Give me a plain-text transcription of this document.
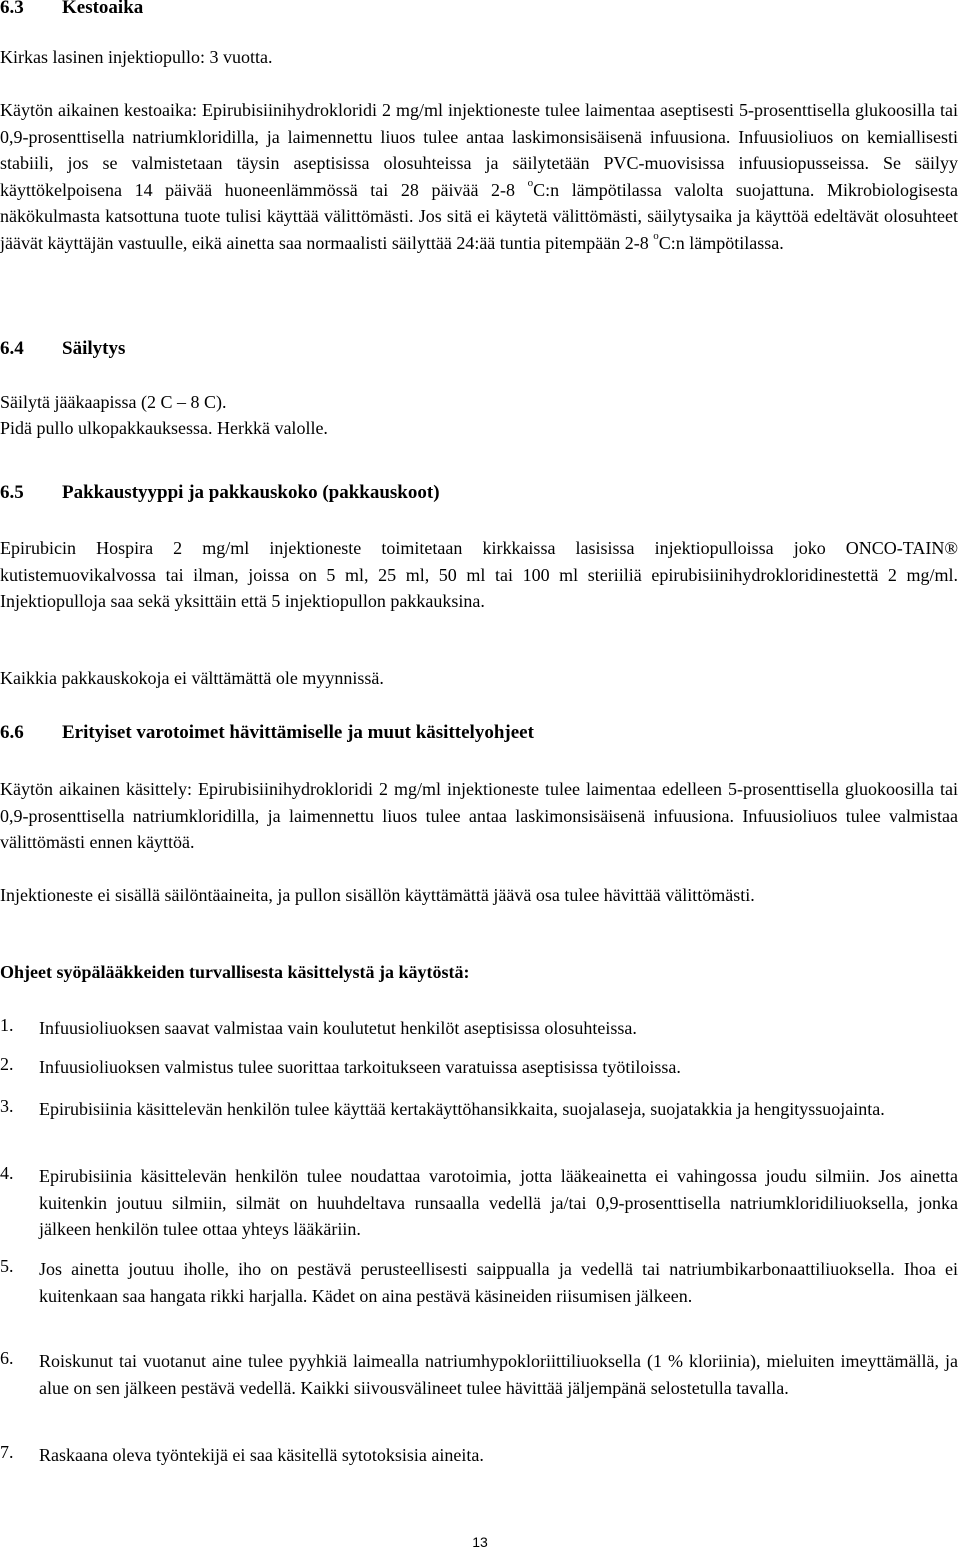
6.3 Kestoaika

Kirkas lasinen injektiopullo: 3 vuotta.

Käytön aikainen kestoaika: Epirubisiinihydrokloridi 2 mg/ml injektioneste tulee laimentaa aseptisesti 5-prosenttisella glukoosilla tai 0,9-prosenttisella natriumkloridilla, ja laimennettu liuos tulee antaa laskimonsisäisenä infuusiona. Infuusioliuos on kemiallisesti stabiili, jos se valmistetaan täysin aseptisissa olosuhteissa ja säilytetään PVC-muovisissa infuusiopusseissa. Se säilyy käyttökelpoisena 14 päivää huoneenlämmössä tai 28 päivää 2-8 $^o$C:n lämpötilassa valolta suojattuna. Mikrobiologisesta näkökulmasta katsottuna tuote tulisi käyttää välittömästi. Jos sitä ei käytetä välittömästi, säilytysaika ja käyttöä edeltävät olosuhteet jäävät käyttäjän vastuulle, eikä ainetta saa normaalisti säilyttää 24:ää tuntia pitempään 2-8 $^o$C:n lämpötilassa.

6.4 Säilytys

Säilytä jääkaapissa (2 C – 8 C).

Pidä pullo ulkopakkauksessa. Herkkä valolle.

6.5 Pakkaustyyppi ja pakkauskoko (pakkauskoot)

Epirubicin Hospira 2 mg/ml injektioneste toimitetaan kirkkaissa lasisissa injektiopulloissa joko ONCO-TAIN® kutistemuovikalvossa tai ilman, joissa on 5 ml, 25 ml, 50 ml tai 100 ml steriiliä epirubisiinihydrokloridinestettä 2 mg/ml. Injektiopulloja saa sekä yksittäin että 5 injektiopullon pakkauksina.

Kaikkia pakkauskokoja ei välttämättä ole myynnissä.

6.6 Erityiset varotoimet hävittämiselle ja muut käsittelyohjeet

Käytön aikainen käsittely: Epirubisiinihydrokloridi 2 mg/ml injektioneste tulee laimentaa edelleen 5-prosenttisella gluokoosilla tai 0,9-prosenttisella natriumkloridilla, ja laimennettu liuos tulee antaa laskimonsisäisenä infuusiona. Infuusioliuos tulee valmistaa välittömästi ennen käyttöä.

Injektioneste ei sisällä säilöntäaineita, ja pullon sisällön käyttämättä jäävä osa tulee hävittää välittömästi.

Ohjeet syöpälääkkeiden turvallisesta käsittelystä ja käytöstä:

1. Infuusioliuoksen saavat valmistaa vain koulutetut henkilöt aseptisissa olosuhteissa.
2. Infuusioliuoksen valmistus tulee suorittaa tarkoitukseen varatuissa aseptisissa työtiloissa.
3. Epirubisiinia käsittelevän henkilön tulee käyttää kertakäyttöhansikkaita, suojalaseja, suojatakkia ja hengityssuojainta.
4. Epirubisiinia käsittelevän henkilön tulee noudattaa varotoimia, jotta lääkeainetta ei vahingossa joudu silmiin. Jos ainetta kuitenkin joutuu silmiin, silmät on huuhdeltava runsaalla vedellä ja/tai 0,9-prosenttisella natriumkloridiliuoksella, jonka jälkeen henkilön tulee ottaa yhteys lääkäriin.
5. Jos ainetta joutuu iholle, iho on pestävä perusteellisesti saippualla ja vedellä tai natriumbikarbonaattiliuoksella. Ihoa ei kuitenkaan saa hangata rikki harjalla. Kädet on aina pestävä käsineiden riisumisen jälkeen.
6. Roiskunut tai vuotanut aine tulee pyyhkiä laimealla natriumhypokloriittiliuoksella (1 % kloriinia), mieluiten imeyttämällä, ja alue on sen jälkeen pestävä vedellä. Kaikki siivousvälineet tulee hävittää jäljempänä selostetulla tavalla.
7. Raskaana oleva työntekijä ei saa käsitellä sytotoksisia aineita.
13
